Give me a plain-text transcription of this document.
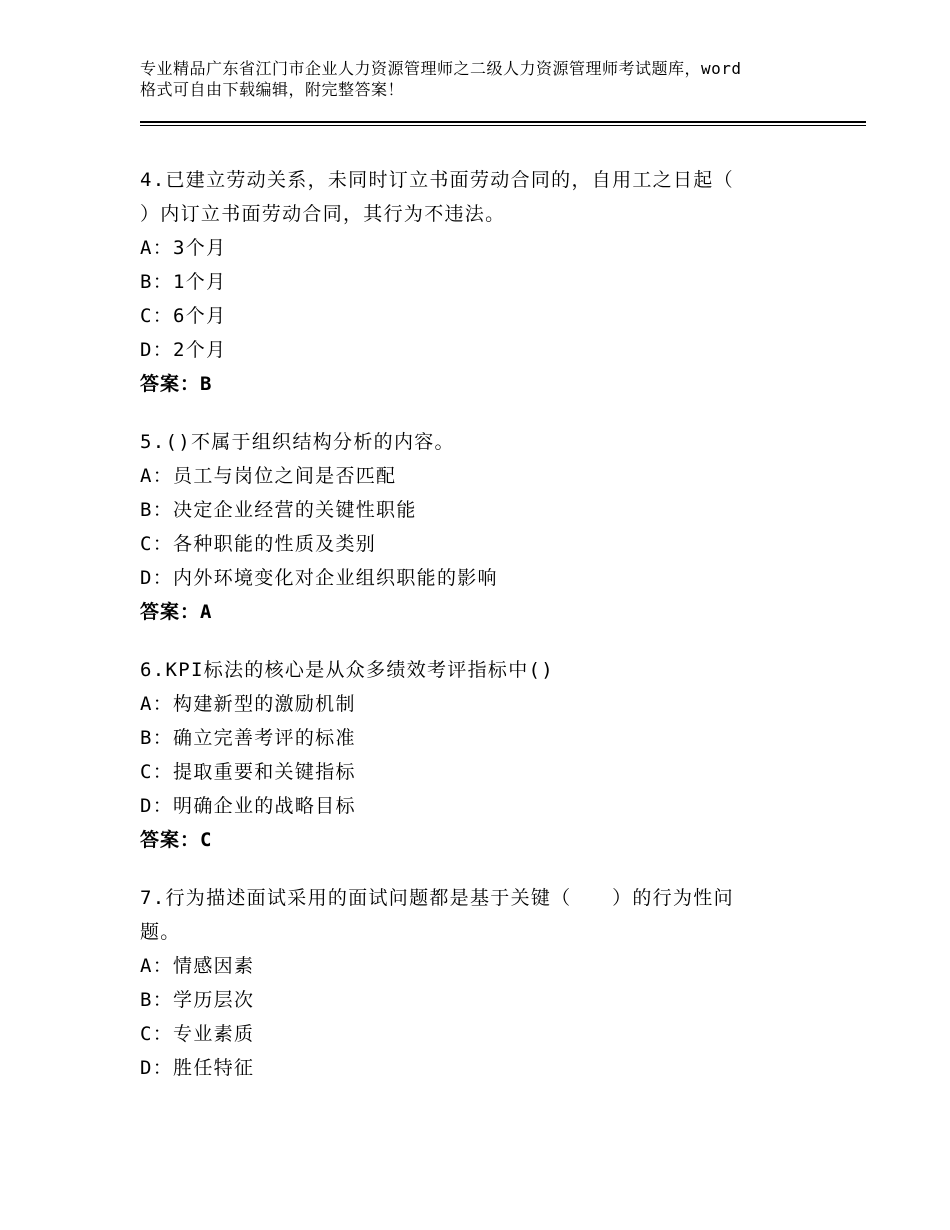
专业精品广东省江门市企业人力资源管理师之二级人力资源管理师考试题库，word
格式可自由下载编辑，附完整答案！
4.已建立劳动关系，未同时订立书面劳动合同的，自用工之日起（
）内订立书面劳动合同，其行为不违法。
A：3个月
B：1个月
C：6个月
D：2个月
答案：B
5.()不属于组织结构分析的内容。
A：员工与岗位之间是否匹配
B：决定企业经营的关键性职能
C：各种职能的性质及类别
D：内外环境变化对企业组织职能的影响
答案：A
6.KPI标法的核心是从众多绩效考评指标中()
A：构建新型的激励机制
B：确立完善考评的标准
C：提取重要和关键指标
D：明确企业的战略目标
答案：C
7.行为描述面试采用的面试问题都是基于关键（　　）的行为性问
题。
A：情感因素
B：学历层次
C：专业素质
D：胜任特征
